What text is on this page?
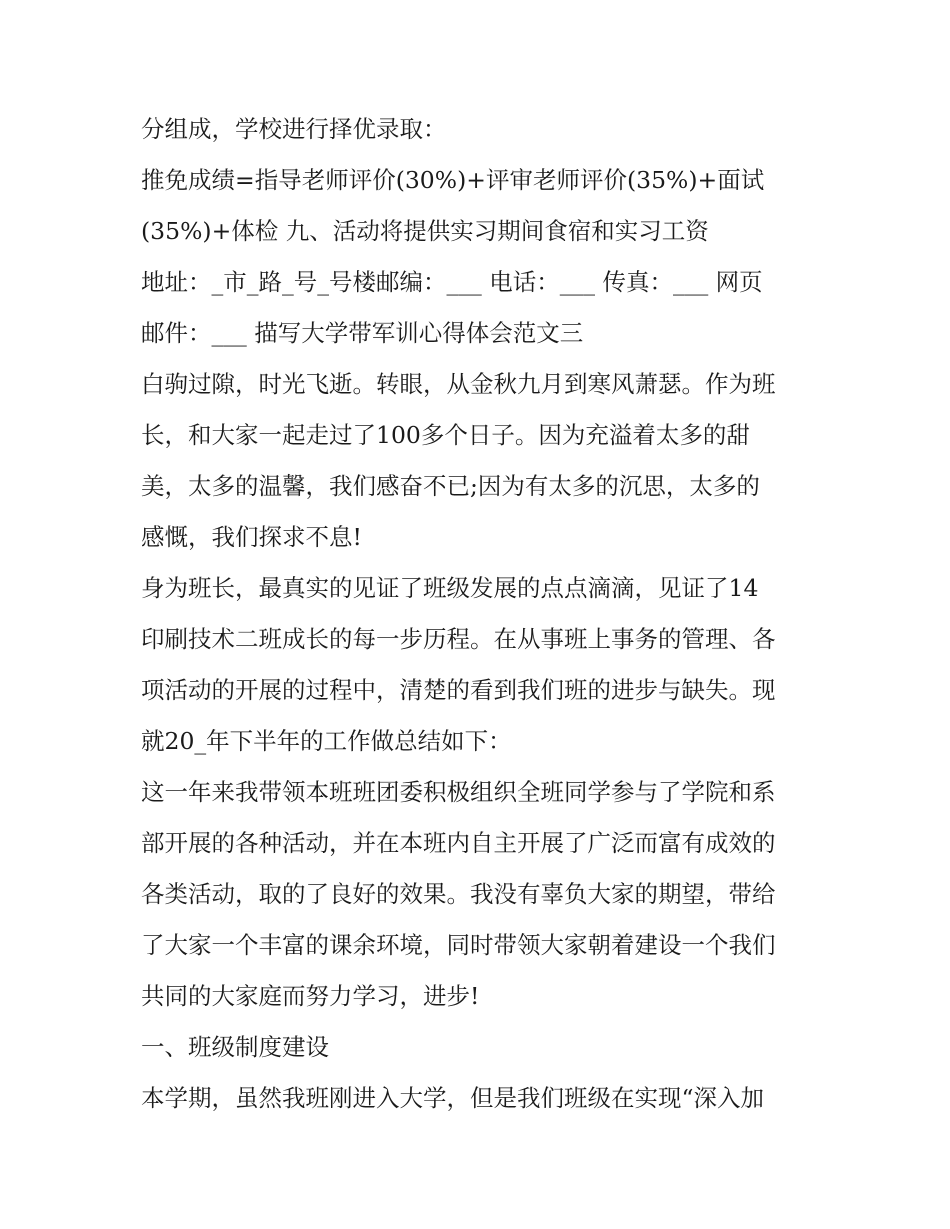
分组成，学校进行择优录取：
推免成绩=指导老师评价(30%)+评审老师评价(35%)+面试
(35%)+体检 九、活动将提供实习期间食宿和实习工资
地址：_市_路_号_号楼邮编：___ 电话：___ 传真：___ 网页
邮件：___ 描写大学带军训心得体会范文三
白驹过隙，时光飞逝。转眼，从金秋九月到寒风萧瑟。作为班
长，和大家一起走过了100多个日子。因为充溢着太多的甜
美，太多的温馨，我们感奋不已;因为有太多的沉思，太多的
感慨，我们探求不息!
身为班长，最真实的见证了班级发展的点点滴滴，见证了14
印刷技术二班成长的每一步历程。在从事班上事务的管理、各
项活动的开展的过程中，清楚的看到我们班的进步与缺失。现
就20_年下半年的工作做总结如下：
这一年来我带领本班班团委积极组织全班同学参与了学院和系
部开展的各种活动，并在本班内自主开展了广泛而富有成效的
各类活动，取的了良好的效果。我没有辜负大家的期望，带给
了大家一个丰富的课余环境，同时带领大家朝着建设一个我们
共同的大家庭而努力学习，进步!
一、班级制度建设
本学期，虽然我班刚进入大学，但是我们班级在实现“深入加
